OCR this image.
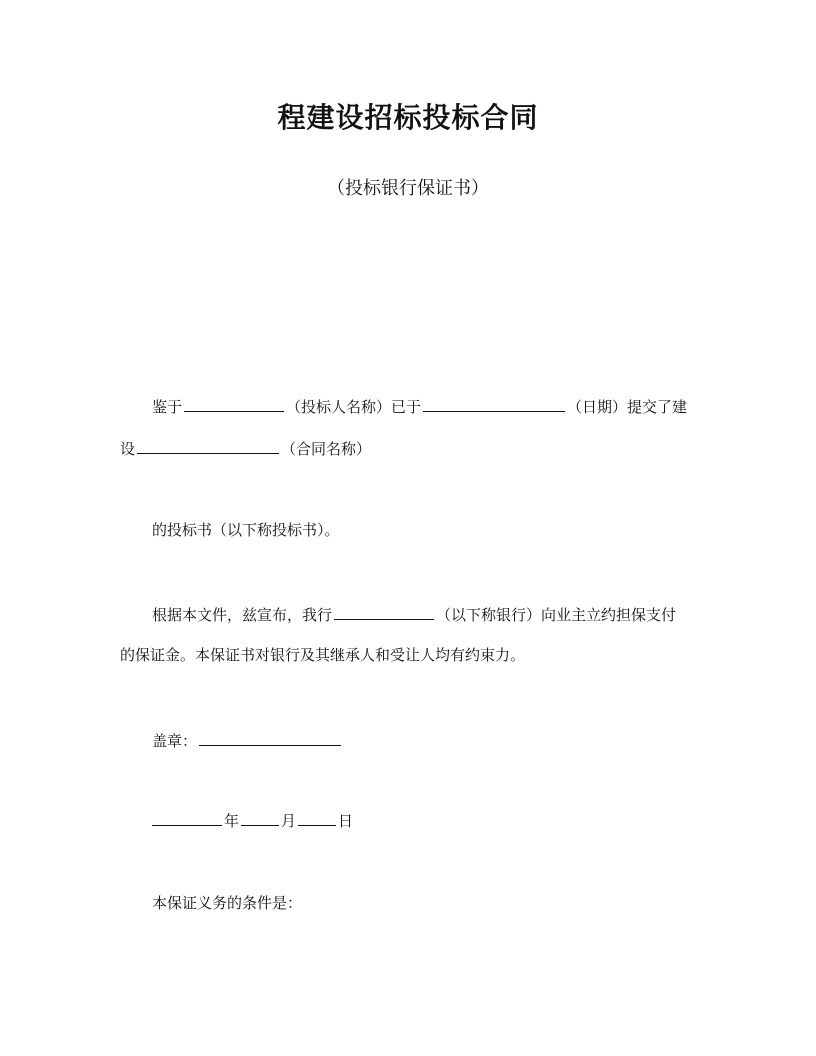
程建设招标投标合同
（投标银行保证书）
鉴于	（投标人名称）已于	（日期）提交了建
设	（合同名称）
的投标书（以下称投标书）。
根据本文件，兹宣布，我行	（以下称银行）向业主立约担保支付
的保证金。本保证书对银行及其继承人和受让人均有约束力。
盖章：
年	月	日
本保证义务的条件是：
